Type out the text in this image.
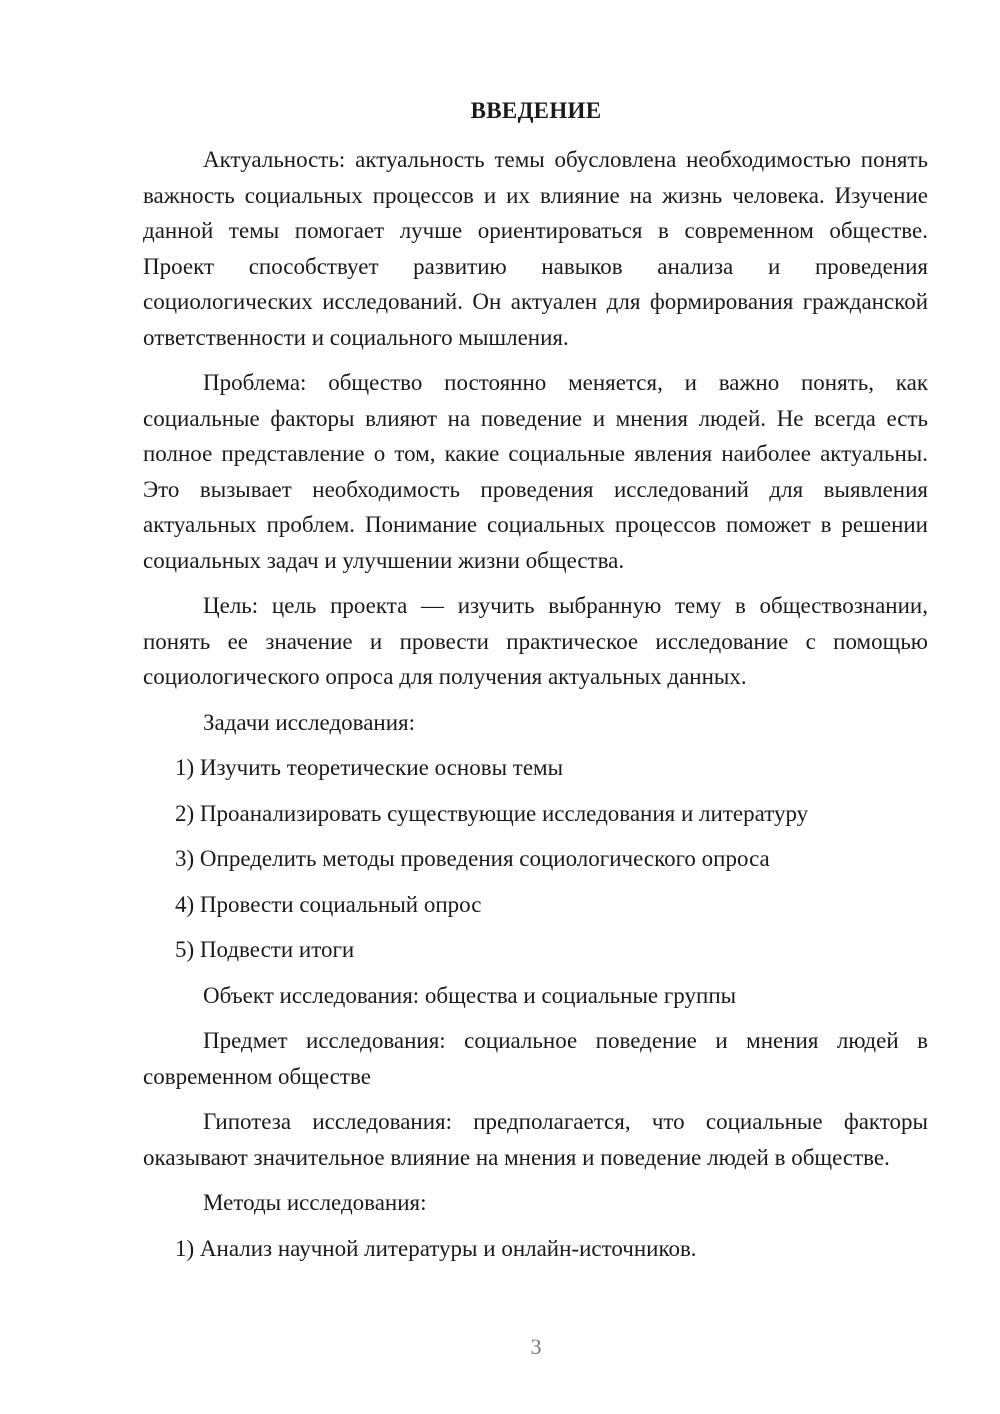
ВВЕДЕНИЕ

Актуальность: актуальность темы обусловлена необходимостью понять важность социальных процессов и их влияние на жизнь человека. Изучение данной темы помогает лучше ориентироваться в современном обществе. Проект способствует развитию навыков анализа и проведения социологических исследований. Он актуален для формирования гражданской ответственности и социального мышления.

Проблема: общество постоянно меняется, и важно понять, как социальные факторы влияют на поведение и мнения людей. Не всегда есть полное представление о том, какие социальные явления наиболее актуальны. Это вызывает необходимость проведения исследований для выявления актуальных проблем. Понимание социальных процессов поможет в решении социальных задач и улучшении жизни общества.

Цель: цель проекта — изучить выбранную тему в обществознании, понять ее значение и провести практическое исследование с помощью социологического опроса для получения актуальных данных.

Задачи исследования:

1) Изучить теоретические основы темы

2) Проанализировать существующие исследования и литературу

3) Определить методы проведения социологического опроса

4) Провести социальный опрос

5) Подвести итоги

Объект исследования: общества и социальные группы

Предмет исследования: социальное поведение и мнения людей в современном обществе

Гипотеза исследования: предполагается, что социальные факторы оказывают значительное влияние на мнения и поведение людей в обществе.

Методы исследования:

1) Анализ научной литературы и онлайн-источников.

3
